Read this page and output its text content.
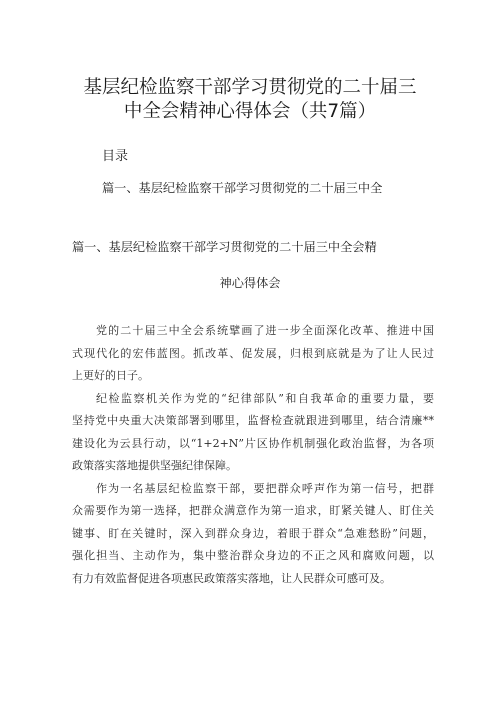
基层纪检监察干部学习贯彻党的二十届三
中全会精神心得体会（共7篇）
目录
篇一、基层纪检监察干部学习贯彻党的二十届三中全
篇一、基层纪检监察干部学习贯彻党的二十届三中全会精
神心得体会
党的二十届三中全会系统擘画了进一步全面深化改革、推进中国
式现代化的宏伟蓝图。抓改革、促发展，归根到底就是为了让人民过
上更好的日子。
纪检监察机关作为党的“纪律部队”和自我革命的重要力量，要
坚持党中央重大决策部署到哪里，监督检查就跟进到哪里，结合清廉**
建设化为云县行动，以“1+2+N”片区协作机制强化政治监督，为各项
政策落实落地提供坚强纪律保障。
作为一名基层纪检监察干部，要把群众呼声作为第一信号，把群
众需要作为第一选择，把群众满意作为第一追求，盯紧关键人、盯住关
键事、盯在关键时，深入到群众身边，着眼于群众“急难愁盼”问题，
强化担当、主动作为，集中整治群众身边的不正之风和腐败问题，以
有力有效监督促进各项惠民政策落实落地，让人民群众可感可及。
